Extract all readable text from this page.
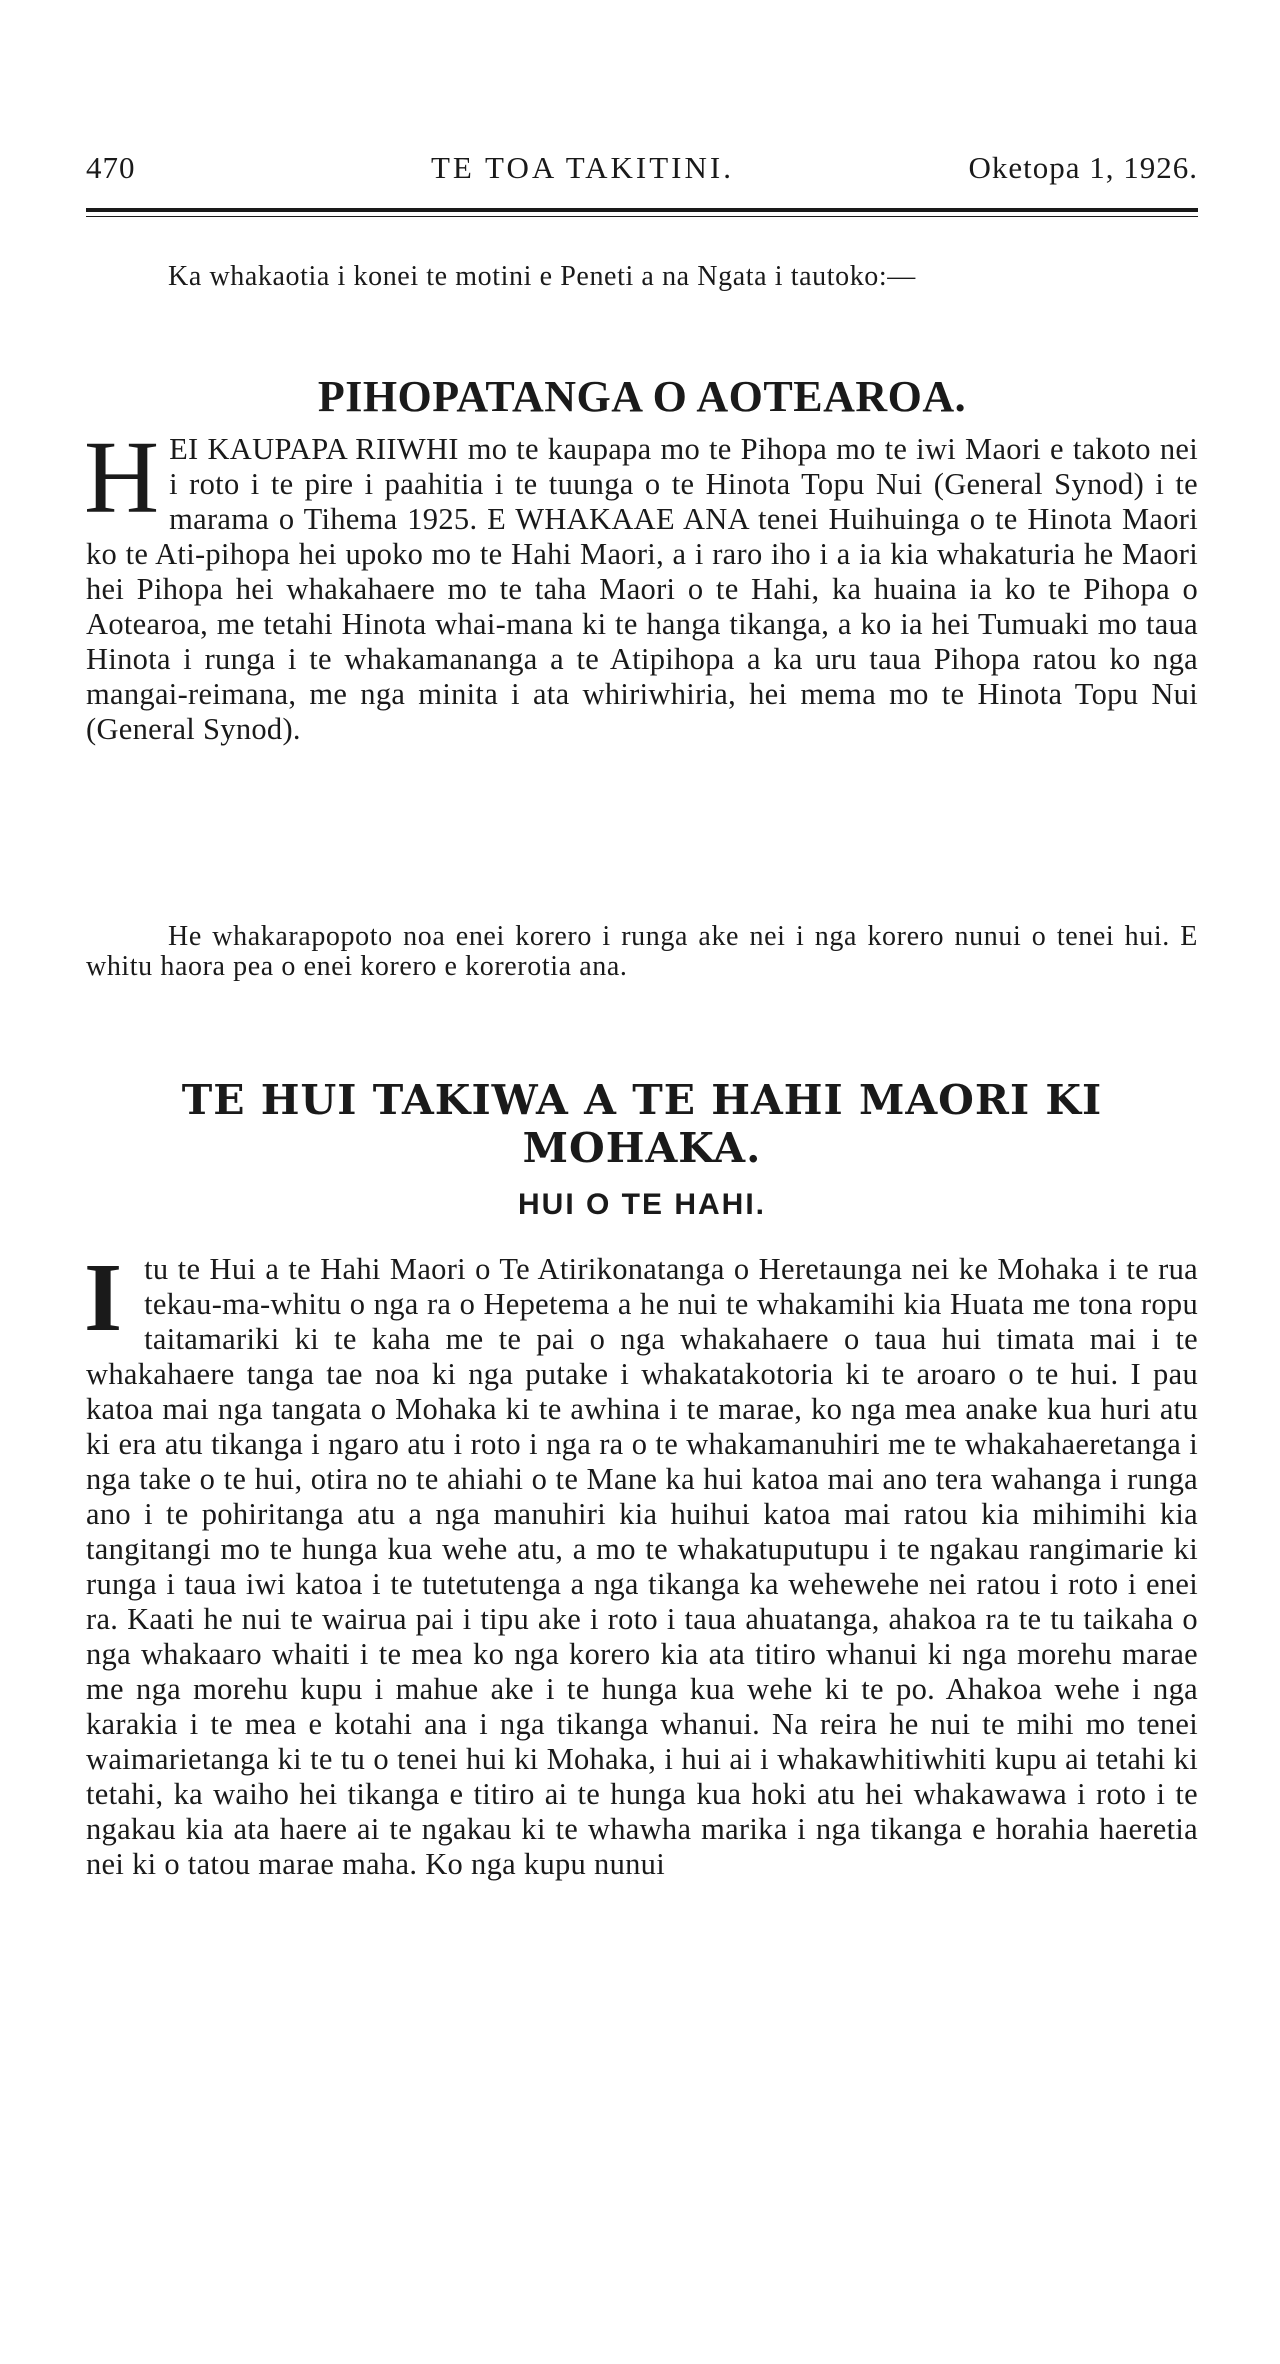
470	TE TOA TAKITINI.	Oketopa 1, 1926.

Ka whakaotia i konei te motini e Peneti a na Ngata i tautoko:—

PIHOPATANGA O AOTEAROA.
H EI KAUPAPA RIIWHI mo te kaupapa mo te Pihopa mo te iwi Maori e takoto nei i roto i te pire i paahitia i te tuunga o te Hinota Topu Nui (General Synod) i te marama o Tihema 1925. E WHAKAAE ANA tenei Huihuinga o te Hinota Maori ko te Ati-pihopa hei upoko mo te Hahi Maori, a i raro iho i a ia kia whakaturia he Maori hei Pihopa hei whakahaere mo te taha Maori o te Hahi, ka huaina ia ko te Pihopa o Aotearoa, me tetahi Hinota whai-mana ki te hanga tikanga, a ko ia hei Tumuaki mo taua Hinota i runga i te whakamananga a te Atipihopa a ka uru taua Pihopa ratou ko nga mangai-reimana, me nga minita i ata whiriwhiria, hei mema mo te Hinota Topu Nui (General Synod).

He whakarapopoto noa enei korero i runga ake nei i nga korero nunui o tenei hui. E whitu haora pea o enei korero e korerotia ana.

TE HUI TAKIWA A TE HAHI MAORI KI MOHAKA.
HUI O TE HAHI.
I tu te Hui a te Hahi Maori o Te Atirikonatanga o Heretaunga nei ke Mohaka i te rua tekau-ma-whitu o nga ra o Hepetema a he nui te whakamihi kia Huata me tona ropu taitamariki ki te kaha me te pai o nga whakahaere o taua hui timata mai i te whakahaere tanga tae noa ki nga putake i whakatakotoria ki te aroaro o te hui. I pau katoa mai nga tangata o Mohaka ki te awhina i te marae, ko nga mea anake kua huri atu ki era atu tikanga i ngaro atu i roto i nga ra o te whakamanuhiri me te whakahaeretanga i nga take o te hui, otira no te ahiahi o te Mane ka hui katoa mai ano tera wahanga i runga ano i te pohiritanga atu a nga manuhiri kia huihui katoa mai ratou kia mihimihi kia tangitangi mo te hunga kua wehe atu, a mo te whakatuputupu i te ngakau rangimarie ki runga i taua iwi katoa i te tutetutenga a nga tikanga ka wehewehe nei ratou i roto i enei ra. Kaati he nui te wairua pai i tipu ake i roto i taua ahuatanga, ahakoa ra te tu taikaha o nga whakaaro whaiti i te mea ko nga korero kia ata titiro whanui ki nga morehu marae me nga morehu kupu i mahue ake i te hunga kua wehe ki te po. Ahakoa wehe i nga karakia i te mea e kotahi ana i nga tikanga whanui. Na reira he nui te mihi mo tenei waimarietanga ki te tu o tenei hui ki Mohaka, i hui ai i whakawhitiwhiti kupu ai tetahi ki tetahi, ka waiho hei tikanga e titiro ai te hunga kua hoki atu hei whakawawa i roto i te ngakau kia ata haere ai te ngakau ki te whawha marika i nga tikanga e horahia haeretia nei ki o tatou marae maha. Ko nga kupu nunui
